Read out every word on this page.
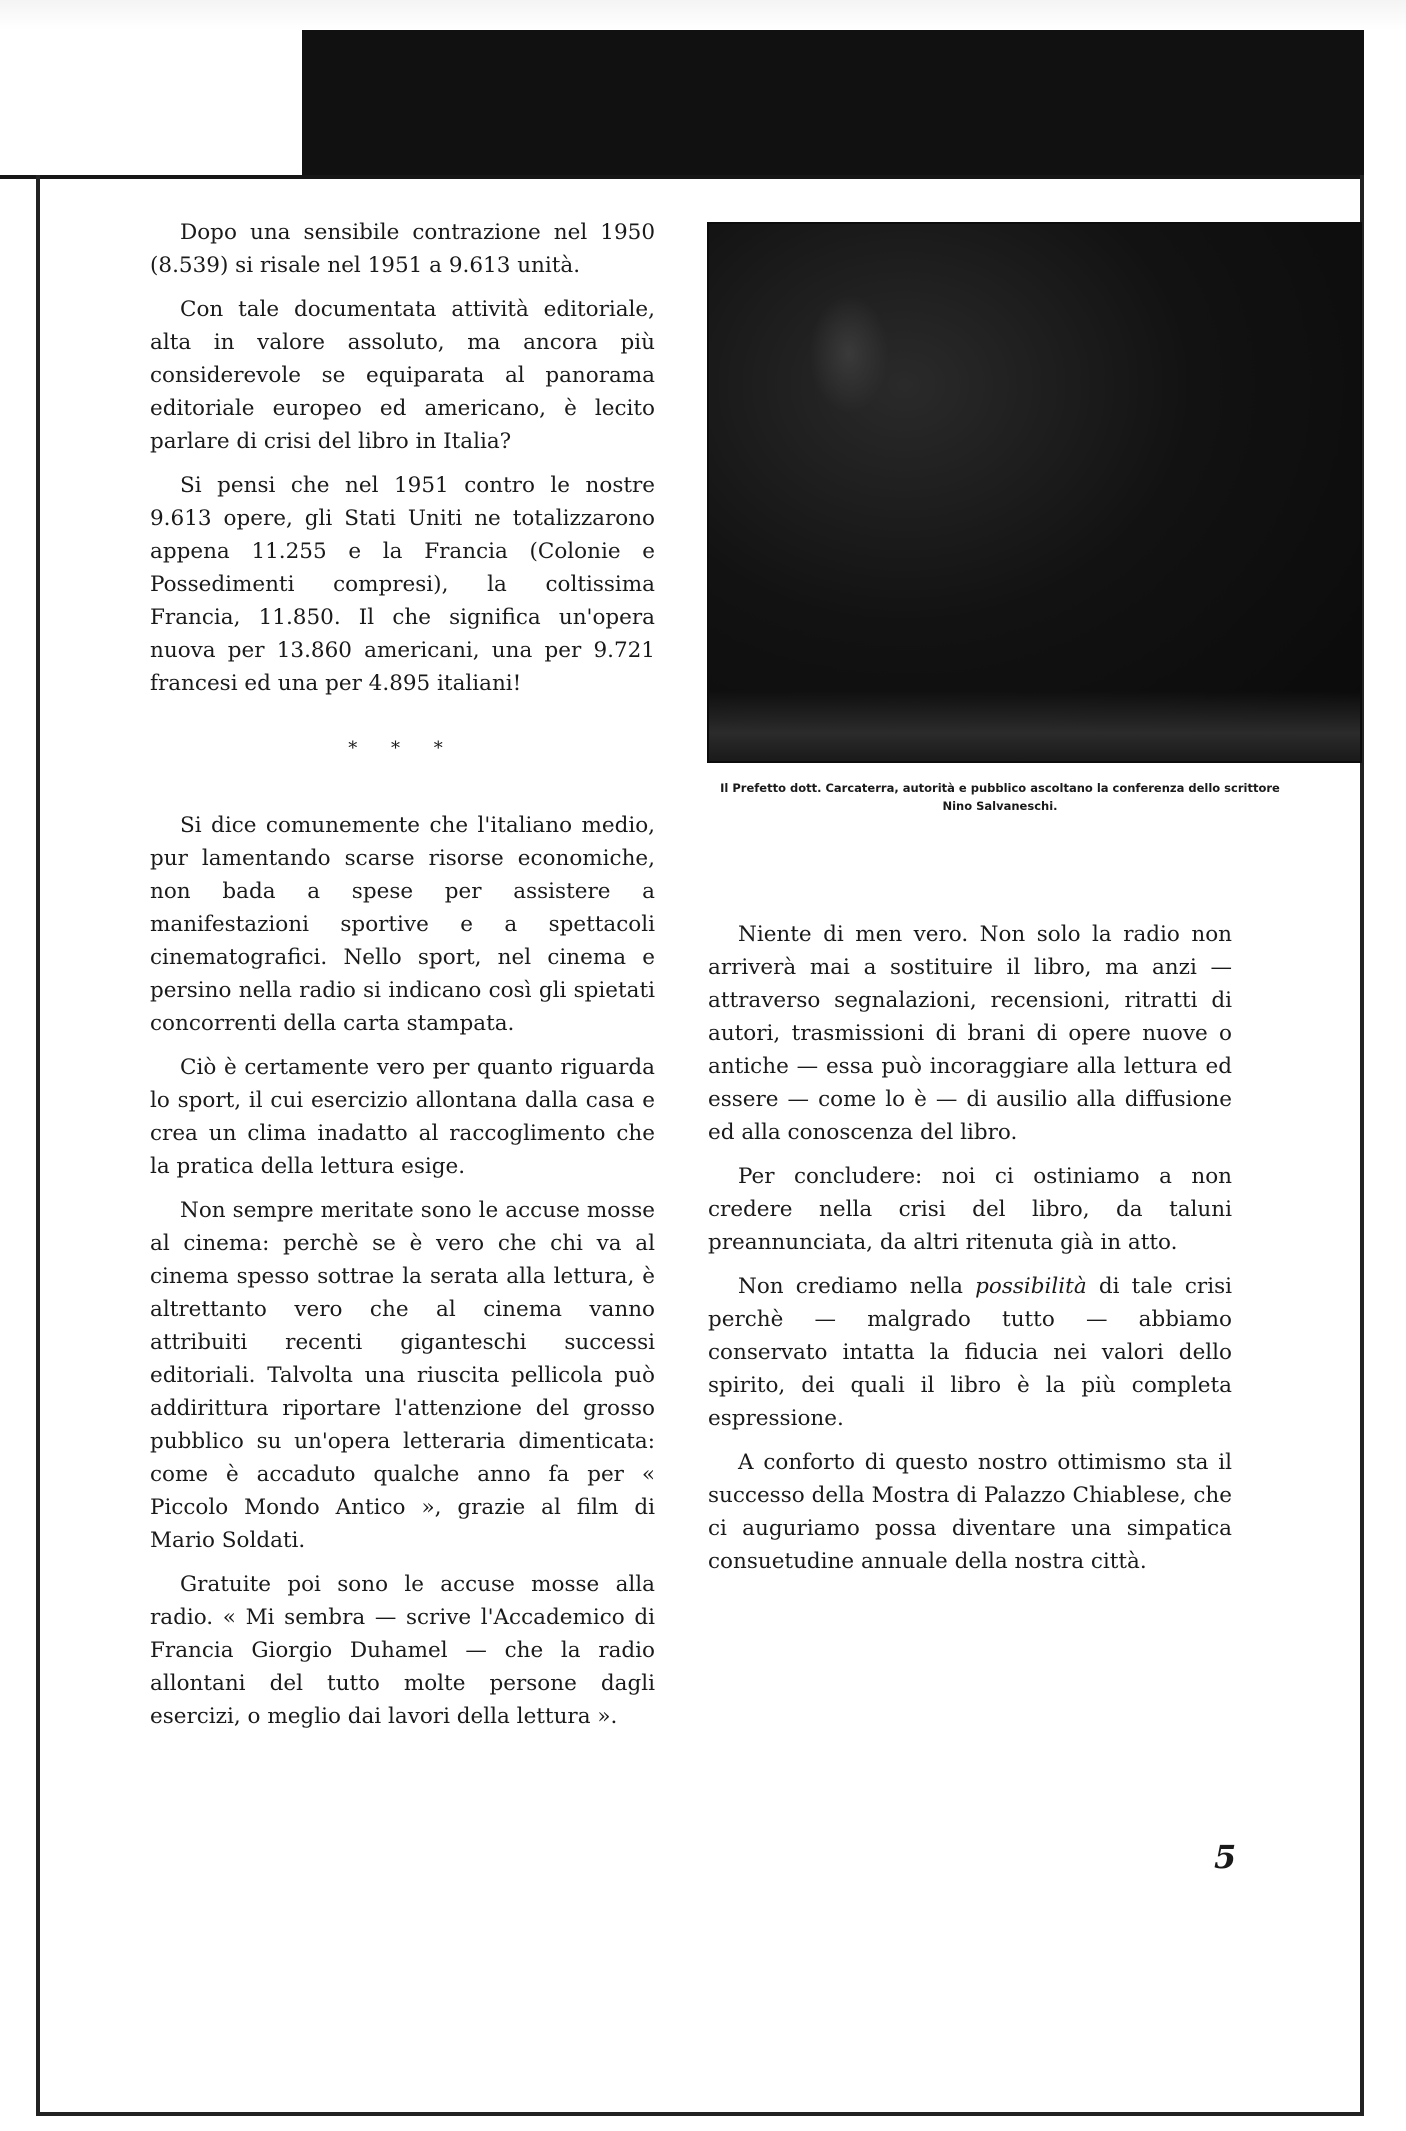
Dopo una sensibile contrazione nel 1950 (8.539) si risale nel 1951 a 9.613 unità.

Con tale documentata attività editoriale, alta in valore assoluto, ma ancora più considerevole se equiparata al panorama editoriale europeo ed americano, è lecito parlare di crisi del libro in Italia?

Si pensi che nel 1951 contro le nostre 9.613 opere, gli Stati Uniti ne totalizzarono appena 11.255 e la Francia (Colonie e Possedimenti compresi), la coltissima Francia, 11.850. Il che significa un'opera nuova per 13.860 americani, una per 9.721 francesi ed una per 4.895 italiani!

* * *

Si dice comunemente che l'italiano medio, pur lamentando scarse risorse economiche, non bada a spese per assistere a manifestazioni sportive e a spettacoli cinematografici. Nello sport, nel cinema e persino nella radio si indicano così gli spietati concorrenti della carta stampata.

Ciò è certamente vero per quanto riguarda lo sport, il cui esercizio allontana dalla casa e crea un clima inadatto al raccoglimento che la pratica della lettura esige.

Non sempre meritate sono le accuse mosse al cinema: perchè se è vero che chi va al cinema spesso sottrae la serata alla lettura, è altrettanto vero che al cinema vanno attribuiti recenti giganteschi successi editoriali. Talvolta una riuscita pellicola può addirittura riportare l'attenzione del grosso pubblico su un'opera letteraria dimenticata: come è accaduto qualche anno fa per « Piccolo Mondo Antico », grazie al film di Mario Soldati.

Gratuite poi sono le accuse mosse alla radio. « Mi sembra — scrive l'Accademico di Francia Giorgio Duhamel — che la radio allontani del tutto molte persone dagli esercizi, o meglio dai lavori della lettura ».

Il Prefetto dott. Carcaterra, autorità e pubblico ascoltano la conferenza dello scrittore Nino Salvaneschi.

Niente di men vero. Non solo la radio non arriverà mai a sostituire il libro, ma anzi — attraverso segnalazioni, recensioni, ritratti di autori, trasmissioni di brani di opere nuove o antiche — essa può incoraggiare alla lettura ed essere — come lo è — di ausilio alla diffusione ed alla conoscenza del libro.

Per concludere: noi ci ostiniamo a non credere nella crisi del libro, da taluni preannunciata, da altri ritenuta già in atto.

Non crediamo nella possibilità di tale crisi perchè — malgrado tutto — abbiamo conservato intatta la fiducia nei valori dello spirito, dei quali il libro è la più completa espressione.

A conforto di questo nostro ottimismo sta il successo della Mostra di Palazzo Chiablese, che ci auguriamo possa diventare una simpatica consuetudine annuale della nostra città.

5
